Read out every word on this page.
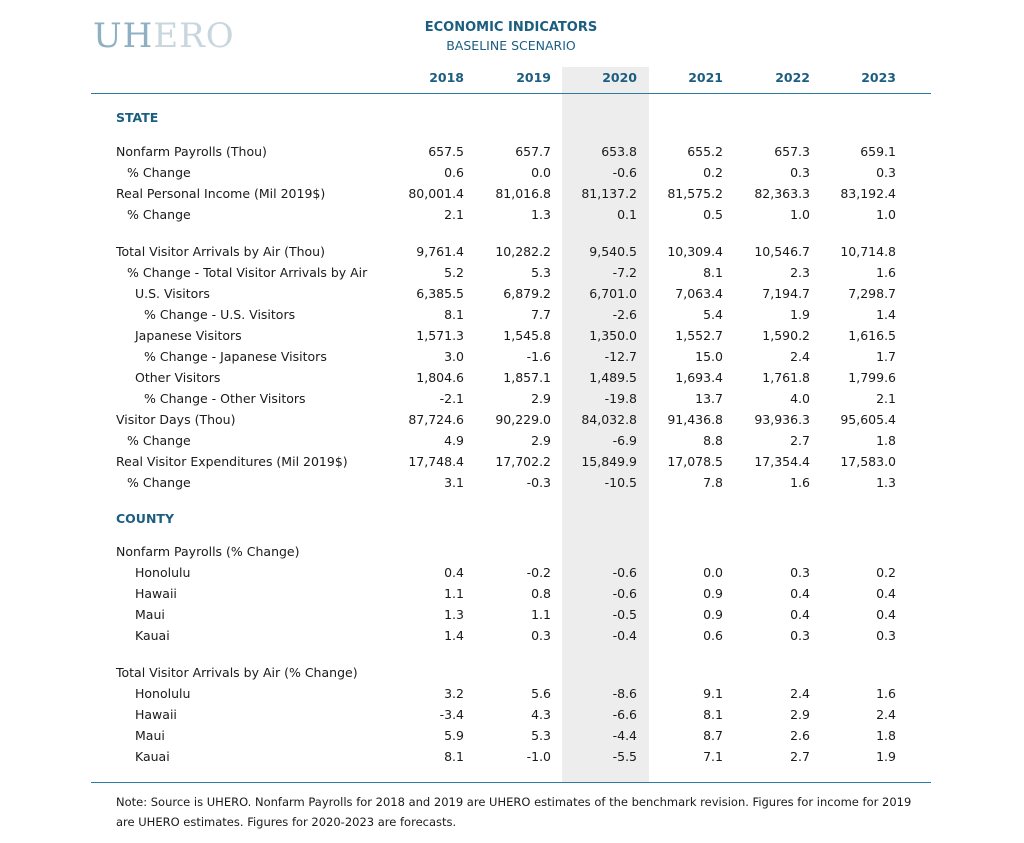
UHERO	ECONOMIC INDICATORS
BASELINE SCENARIO
2018	2019	2020	2021	2022	2023
STATE
Nonfarm Payrolls (Thou)	657.5	657.7	653.8	655.2	657.3	659.1
% Change	0.6	0.0	-0.6	0.2	0.3	0.3
Real Personal Income (Mil 2019$)	80,001.4	81,016.8	81,137.2	81,575.2	82,363.3	83,192.4
% Change	2.1	1.3	0.1	0.5	1.0	1.0
Total Visitor Arrivals by Air (Thou)	9,761.4	10,282.2	9,540.5	10,309.4	10,546.7	10,714.8
% Change - Total Visitor Arrivals by Air	5.2	5.3	-7.2	8.1	2.3	1.6
U.S. Visitors	6,385.5	6,879.2	6,701.0	7,063.4	7,194.7	7,298.7
% Change - U.S. Visitors	8.1	7.7	-2.6	5.4	1.9	1.4
Japanese Visitors	1,571.3	1,545.8	1,350.0	1,552.7	1,590.2	1,616.5
% Change - Japanese Visitors	3.0	-1.6	-12.7	15.0	2.4	1.7
Other Visitors	1,804.6	1,857.1	1,489.5	1,693.4	1,761.8	1,799.6
% Change - Other Visitors	-2.1	2.9	-19.8	13.7	4.0	2.1
Visitor Days (Thou)	87,724.6	90,229.0	84,032.8	91,436.8	93,936.3	95,605.4
% Change	4.9	2.9	-6.9	8.8	2.7	1.8
Real Visitor Expenditures (Mil 2019$)	17,748.4	17,702.2	15,849.9	17,078.5	17,354.4	17,583.0
% Change	3.1	-0.3	-10.5	7.8	1.6	1.3
COUNTY
Nonfarm Payrolls (% Change)
Honolulu	0.4	-0.2	-0.6	0.0	0.3	0.2
Hawaii	1.1	0.8	-0.6	0.9	0.4	0.4
Maui	1.3	1.1	-0.5	0.9	0.4	0.4
Kauai	1.4	0.3	-0.4	0.6	0.3	0.3
Total Visitor Arrivals by Air (% Change)
Honolulu	3.2	5.6	-8.6	9.1	2.4	1.6
Hawaii	-3.4	4.3	-6.6	8.1	2.9	2.4
Maui	5.9	5.3	-4.4	8.7	2.6	1.8
Kauai	8.1	-1.0	-5.5	7.1	2.7	1.9
Note: Source is UHERO. Nonfarm Payrolls for 2018 and 2019 are UHERO estimates of the benchmark revision. Figures for income for 2019 are UHERO estimates. Figures for 2020-2023 are forecasts.
